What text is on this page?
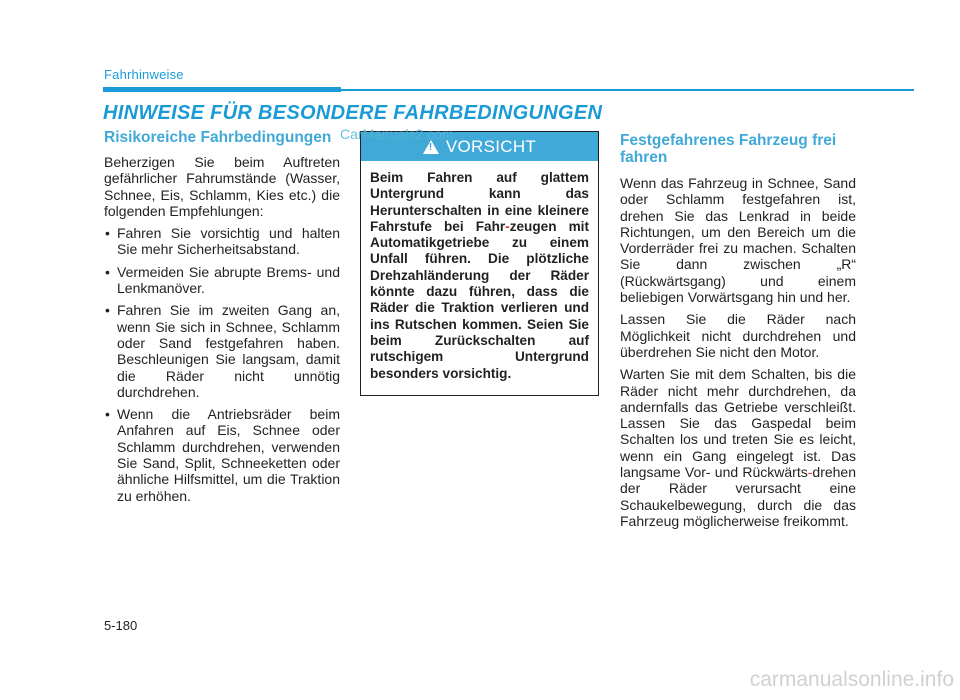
Fahrhinweise
HINWEISE FÜR BESONDERE FAHRBEDINGUNGEN
Risikoreiche Fahrbedingungen

Beherzigen Sie beim Auftreten gefährlicher Fahrumstände (Wasser, Schnee, Eis, Schlamm, Kies etc.) die folgenden Empfehlungen:

• Fahren Sie vorsichtig und halten Sie mehr Sicherheitsabstand.
• Vermeiden Sie abrupte Brems- und Lenkmanöver.
• Fahren Sie im zweiten Gang an, wenn Sie sich in Schnee, Schlamm oder Sand festgefahren haben. Beschleunigen Sie langsam, damit die Räder nicht unnötig durchdrehen.
• Wenn die Antriebsräder beim Anfahren auf Eis, Schnee oder Schlamm durchdrehen, verwenden Sie Sand, Split, Schneeketten oder ähnliche Hilfsmittel, um die Traktion zu erhöhen.
! VORSICHT
Beim Fahren auf glattem Untergrund kann das Herunterschalten in eine kleinere Fahrstufe bei Fahr-zeugen mit Automatikgetriebe zu einem Unfall führen. Die plötzliche Drehzahländerung der Räder könnte dazu führen, dass die Räder die Traktion verlieren und ins Rutschen kommen. Seien Sie beim Zurückschalten auf rutschigem Untergrund besonders vorsichtig.
CarManuals2.com	Festgefahrenes Fahrzeug frei fahren

Wenn das Fahrzeug in Schnee, Sand oder Schlamm festgefahren ist, drehen Sie das Lenkrad in beide Richtungen, um den Bereich um die Vorderräder frei zu machen. Schalten Sie dann zwischen „R“ (Rückwärtsgang) und einem beliebigen Vorwärtsgang hin und her.

Lassen Sie die Räder nach Möglichkeit nicht durchdrehen und überdrehen Sie nicht den Motor.

Warten Sie mit dem Schalten, bis die Räder nicht mehr durchdrehen, da andernfalls das Getriebe verschleißt. Lassen Sie das Gaspedal beim Schalten los und treten Sie es leicht, wenn ein Gang eingelegt ist. Das langsame Vor- und Rückwärts-drehen der Räder verursacht eine Schaukelbewegung, durch die das Fahrzeug möglicherweise freikommt.

5-180
carmanualsonline.info
